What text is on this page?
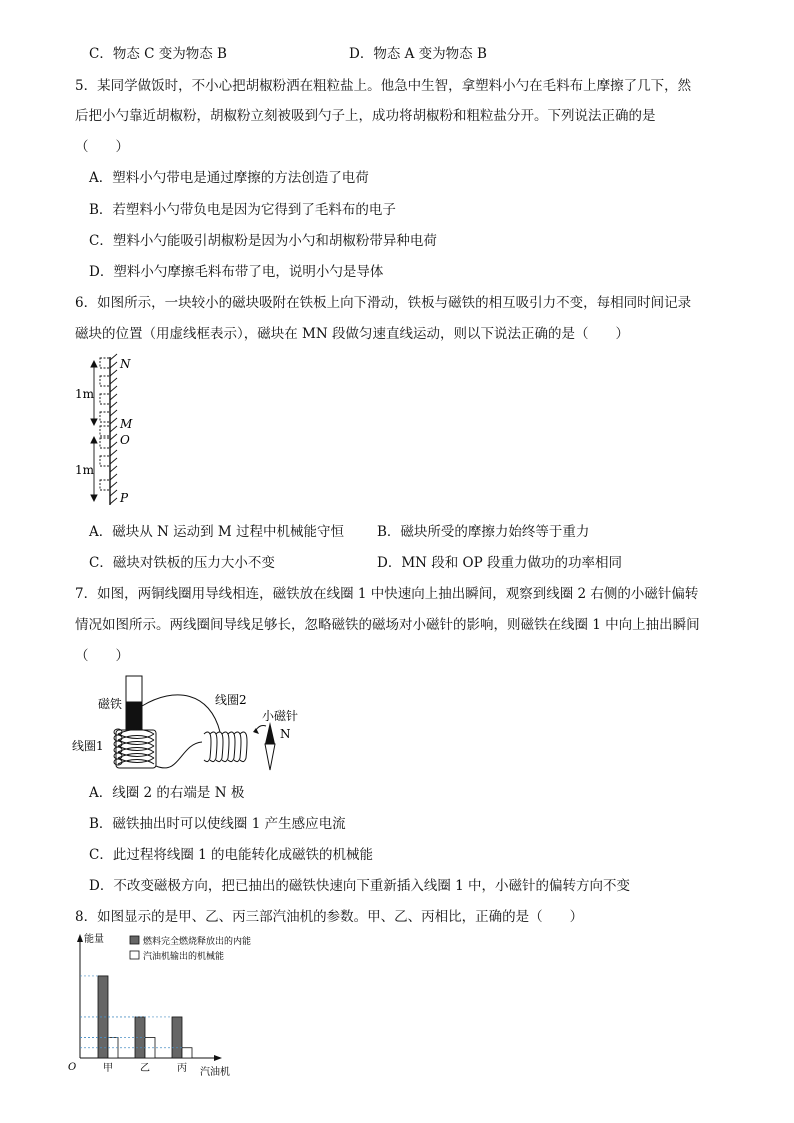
C．物态 C 变为物态 B	D．物态 A 变为物态 B
5．某同学做饭时，不小心把胡椒粉洒在粗粒盐上。他急中生智，拿塑料小勺在毛料布上摩擦了几下，然
后把小勺靠近胡椒粉，胡椒粉立刻被吸到勺子上，成功将胡椒粉和粗粒盐分开。下列说法正确的是
（　　）
A．塑料小勺带电是通过摩擦的方法创造了电荷
B．若塑料小勺带负电是因为它得到了毛料布的电子
C．塑料小勺能吸引胡椒粉是因为小勺和胡椒粉带异种电荷
D．塑料小勺摩擦毛料布带了电，说明小勺是导体
6．如图所示，一块较小的磁块吸附在铁板上向下滑动，铁板与磁铁的相互吸引力不变，每相同时间记录
磁块的位置（用虚线框表示），磁块在 MN 段做匀速直线运动，则以下说法正确的是（　　）
1m
1m
N
M
O
P
A．磁块从 N 运动到 M 过程中机械能守恒 B．磁块所受的摩擦力始终等于重力
C．磁块对铁板的压力大小不变	D．MN 段和 OP 段重力做功的功率相同
7．如图，两铜线圈用导线相连，磁铁放在线圈 1 中快速向上抽出瞬间，观察到线圈 2 右侧的小磁针偏转
情况如图所示。两线圈间导线足够长，忽略磁铁的磁场对小磁针的影响，则磁铁在线圈 1 中向上抽出瞬间
（　　）
磁铁
线圈1
线圈2
小磁针
N
A．线圈 2 的右端是 N 极
B．磁铁抽出时可以使线圈 1 产生感应电流
C．此过程将线圈 1 的电能转化成磁铁的机械能
D．不改变磁极方向，把已抽出的磁铁快速向下重新插入线圈 1 中，小磁针的偏转方向不变
8．如图显示的是甲、乙、丙三部汽油机的参数。甲、乙、丙相比，正确的是（　　）
能量
O	汽油机
燃料完全燃烧释放出的内能
汽油机输出的机械能
甲	乙	丙
